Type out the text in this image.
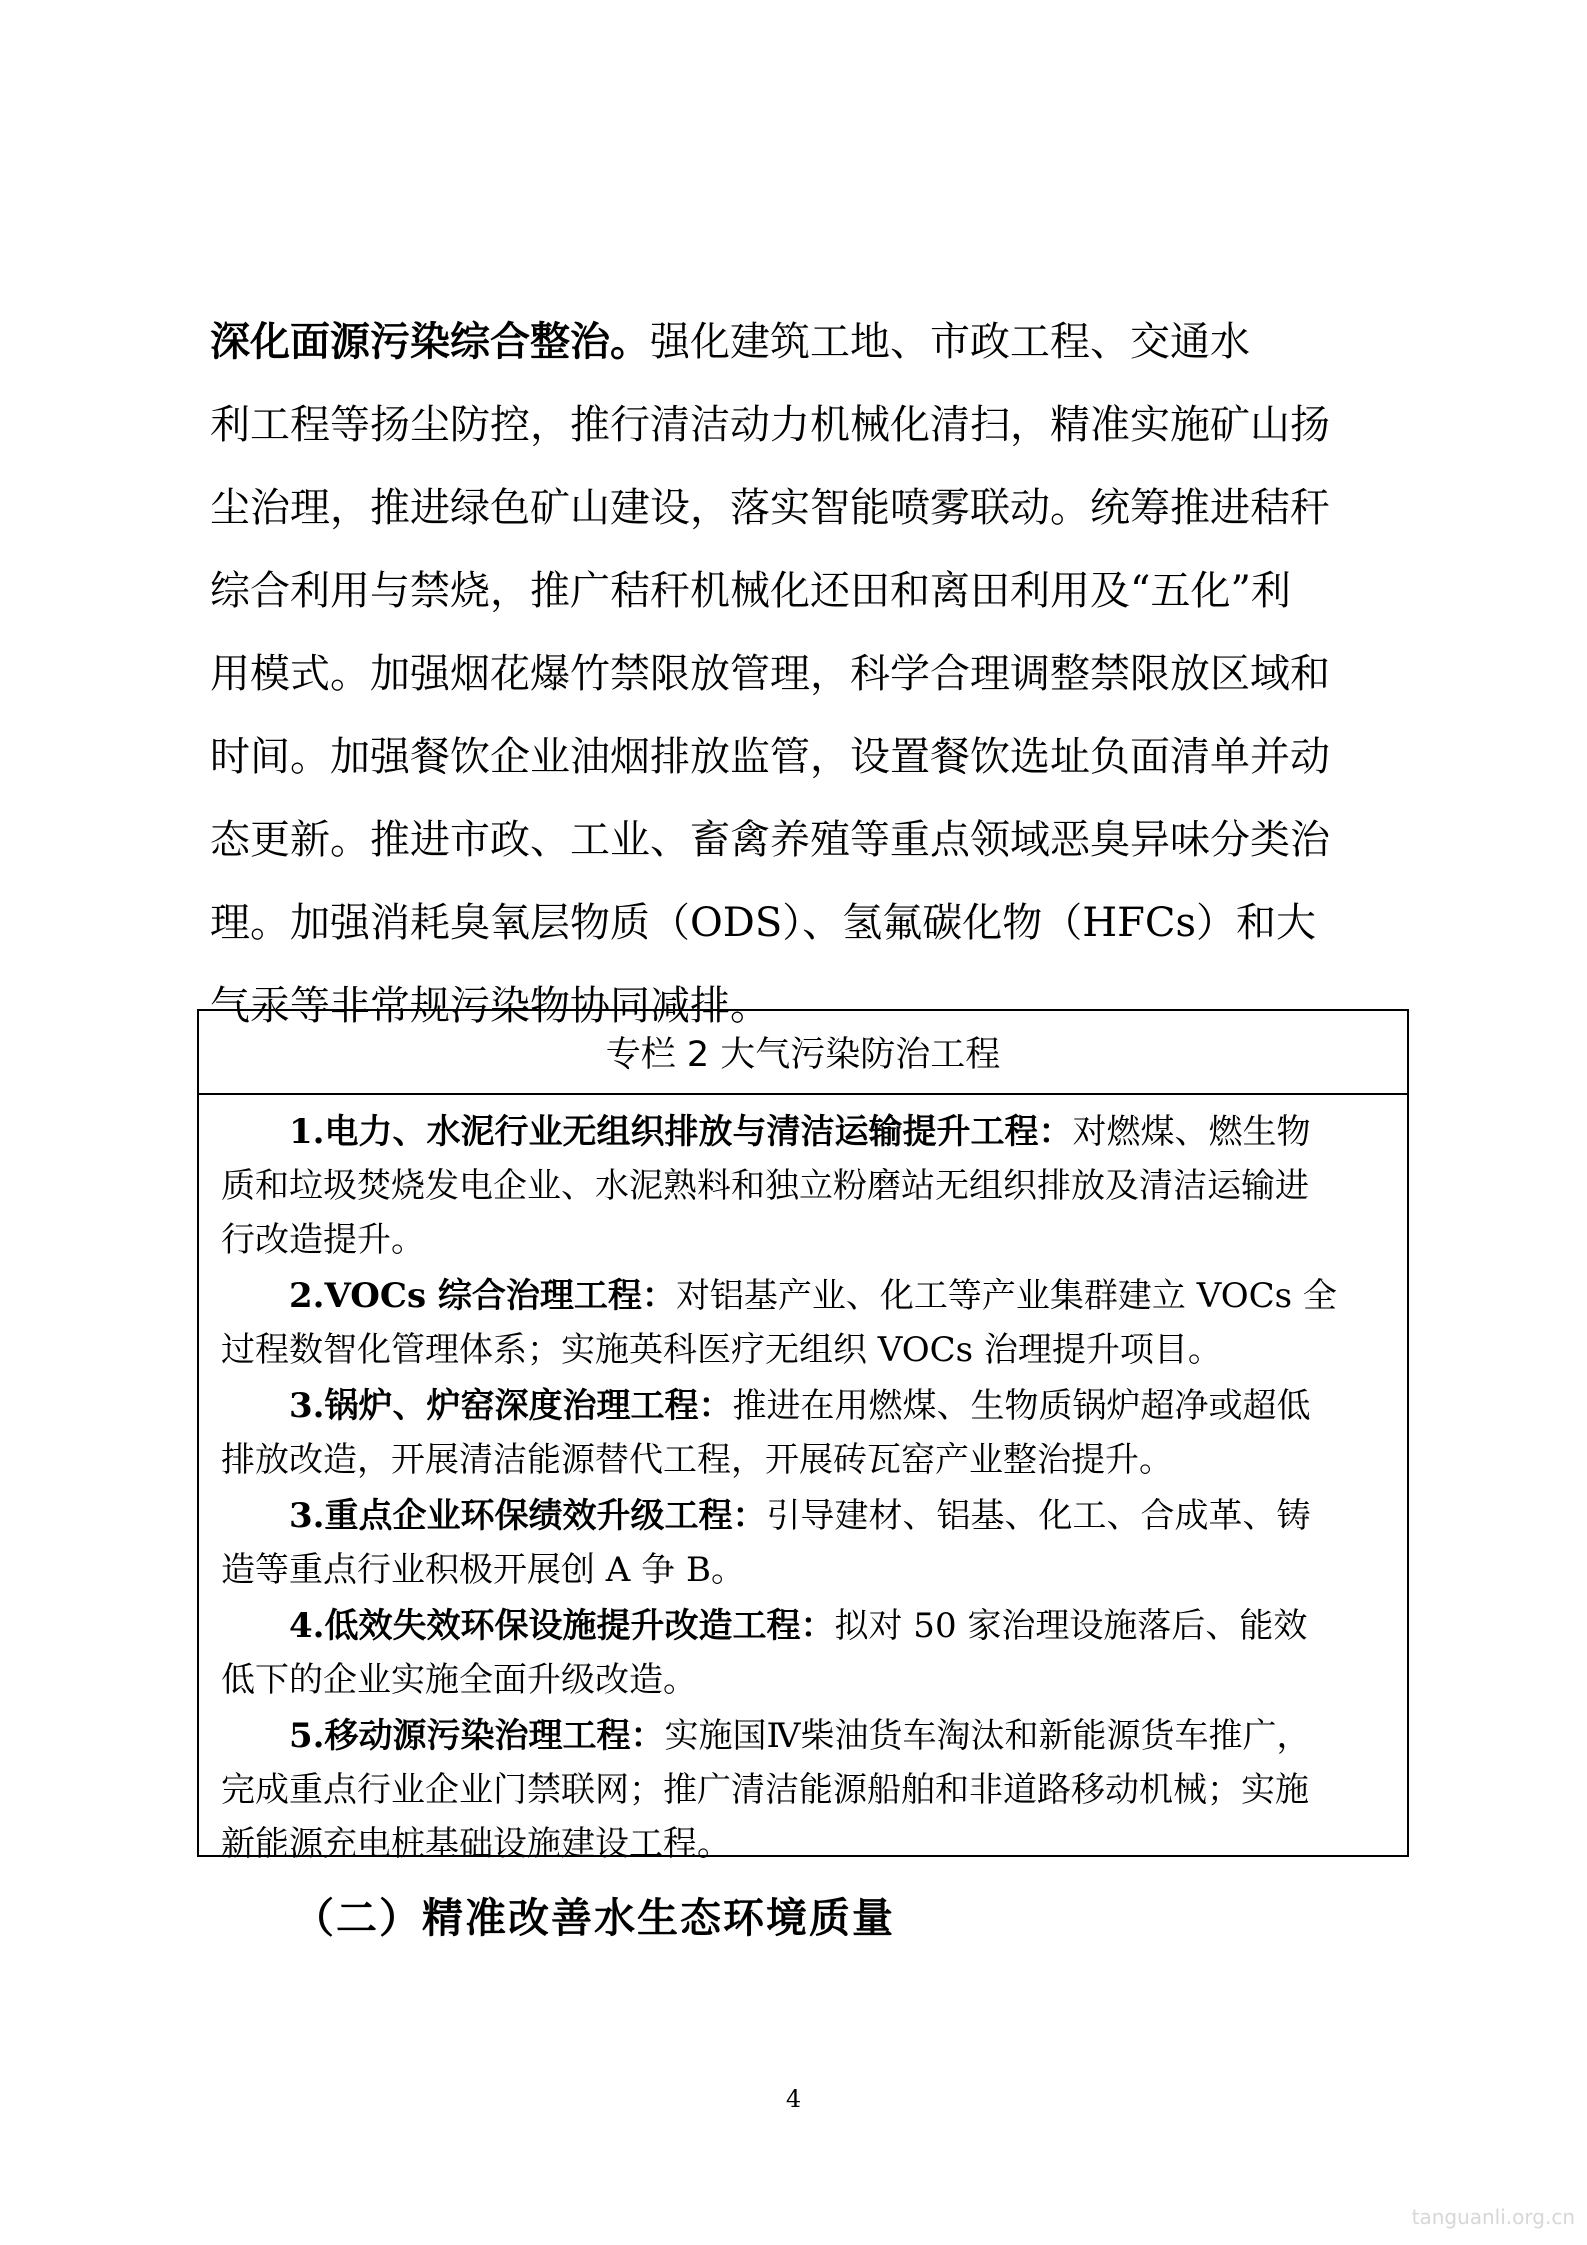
深化面源污染综合整治。强化建筑工地、市政工程、交通水
利工程等扬尘防控，推行清洁动力机械化清扫，精准实施矿山扬
尘治理，推进绿色矿山建设，落实智能喷雾联动。统筹推进秸秆
综合利用与禁烧，推广秸秆机械化还田和离田利用及“五化”利
用模式。加强烟花爆竹禁限放管理，科学合理调整禁限放区域和
时间。加强餐饮企业油烟排放监管，设置餐饮选址负面清单并动
态更新。推进市政、工业、畜禽养殖等重点领域恶臭异味分类治
理。加强消耗臭氧层物质（ODS）、氢氟碳化物（HFCs）和大
气汞等非常规污染物协同减排。
专栏 2 大气污染防治工程
1.电力、水泥行业无组织排放与清洁运输提升工程：对燃煤、燃生物
质和垃圾焚烧发电企业、水泥熟料和独立粉磨站无组织排放及清洁运输进
行改造提升。
2.VOCs 综合治理工程：对铝基产业、化工等产业集群建立 VOCs 全
过程数智化管理体系；实施英科医疗无组织 VOCs 治理提升项目。
3.锅炉、炉窑深度治理工程：推进在用燃煤、生物质锅炉超净或超低
排放改造，开展清洁能源替代工程，开展砖瓦窑产业整治提升。
3.重点企业环保绩效升级工程：引导建材、铝基、化工、合成革、铸
造等重点行业积极开展创 A 争 B。
4.低效失效环保设施提升改造工程：拟对 50 家治理设施落后、能效
低下的企业实施全面升级改造。
5.移动源污染治理工程：实施国Ⅳ柴油货车淘汰和新能源货车推广，
完成重点行业企业门禁联网；推广清洁能源船舶和非道路移动机械；实施
新能源充电桩基础设施建设工程。
（二）精准改善水生态环境质量
4
tanguanli.org.cn
